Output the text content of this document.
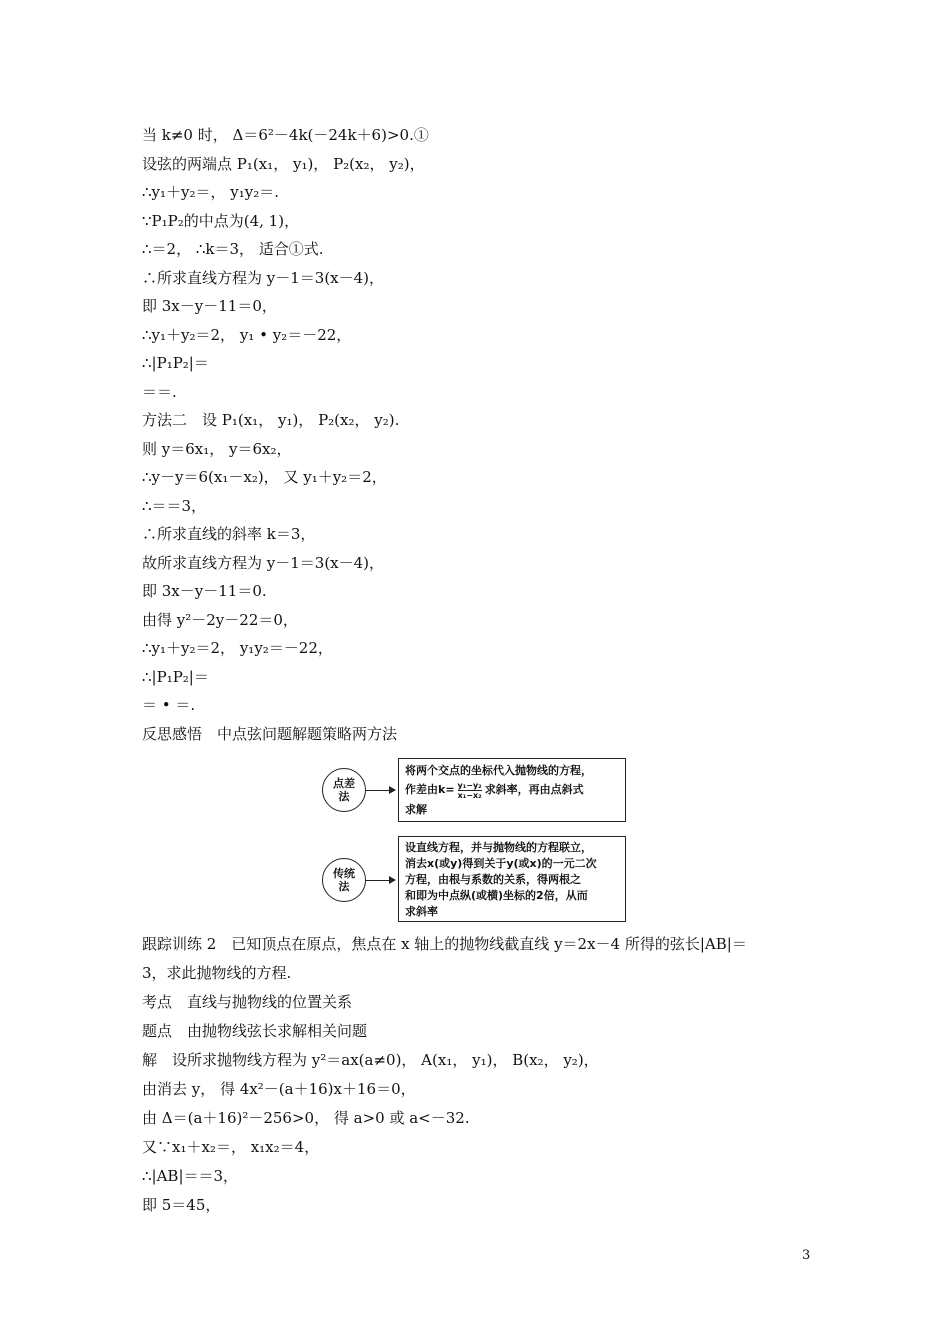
当 k≠0 时， Δ＝6²－4k(－24k＋6)>0.①
设弦的两端点 P₁(x₁， y₁)， P₂(x₂， y₂)，
∴y₁＋y₂＝， y₁y₂＝.
∵P₁P₂的中点为(4, 1)，
∴＝2， ∴k＝3， 适合①式.
∴所求直线方程为 y－1＝3(x－4)，
即 3x－y－11＝0，
∴y₁＋y₂＝2， y₁ • y₂＝－22，
∴|P₁P₂|＝
＝＝.
方法二　设 P₁(x₁， y₁)， P₂(x₂， y₂).
则 y＝6x₁， y＝6x₂，
∴y－y＝6(x₁－x₂)， 又 y₁＋y₂＝2，
∴＝＝3，
∴所求直线的斜率 k＝3，
故所求直线方程为 y－1＝3(x－4)，
即 3x－y－11＝0.
由得 y²－2y－22＝0，
∴y₁＋y₂＝2， y₁y₂＝－22，
∴|P₁P₂|＝
＝ • ＝.
反思感悟　中点弦问题解题策略两方法
点差法
将两个交点的坐标代入抛物线的方程，
作差由$k= \frac{\text{y₁−y₂}}{\text{x₁−x₂}}$ 求斜率，再由点斜式
求解
传统法
设直线方程，并与抛物线的方程联立，
消去x(或y)得到关于y(或x)的一元二次
方程，由根与系数的关系，得两根之
和即为中点纵(或横)坐标的2倍，从而
求斜率
跟踪训练 2　已知顶点在原点，焦点在 x 轴上的抛物线截直线 y＝2x－4 所得的弦长|AB|＝
3，求此抛物线的方程.
考点　直线与抛物线的位置关系
题点　由抛物线弦长求解相关问题
解　设所求抛物线方程为 y²＝ax(a≠0)， A(x₁， y₁)， B(x₂， y₂)，
由消去 y， 得 4x²－(a＋16)x＋16＝0，
由 Δ＝(a＋16)²－256>0， 得 a>0 或 a<－32.
又∵x₁＋x₂＝， x₁x₂＝4，
∴|AB|＝＝3，
即 5＝45，
3
